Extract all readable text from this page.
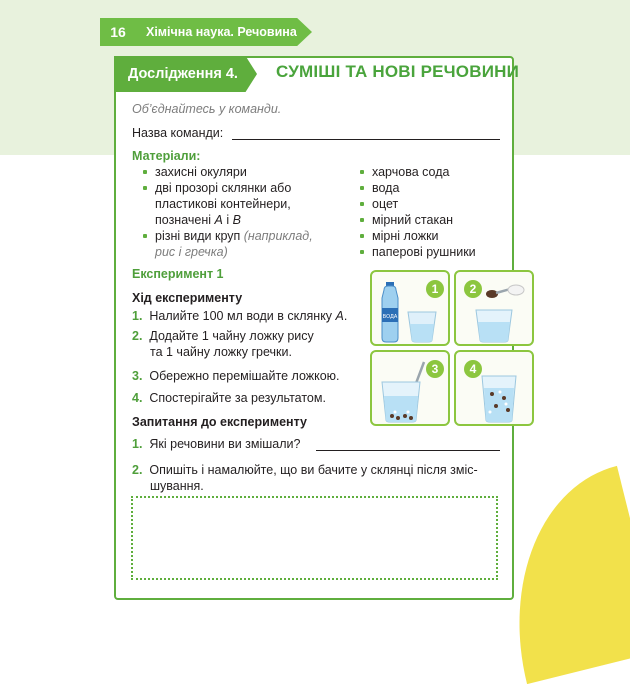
16	Хімічна наука. Речовина
Дослідження 4. СУМІШІ ТА НОВІ РЕЧОВИНИ
Об’єднайтесь у команди.
Назва команди:
Матеріали:
захисні окуляри
дві прозорі склянки або
пластикові контейнери,
позначені А і В
різні види круп (наприклад,
рис і гречка)
харчова сода
вода
оцет
мірний стакан
мірні ложки
паперові рушники
Експеримент 1
Хід експерименту
1. Налийте 100 мл води в склянку А.
2. Додайте 1 чайну ложку рису
та 1 чайну ложку гречки.
3. Обережно перемішайте ложкою.
4. Спостерігайте за результатом.
Запитання до експерименту
1. Які речовини ви змішали?
2. Опишіть і намалюйте, що ви бачите у склянці після зміс-
шування.
ВОДА
1	2
3	4
